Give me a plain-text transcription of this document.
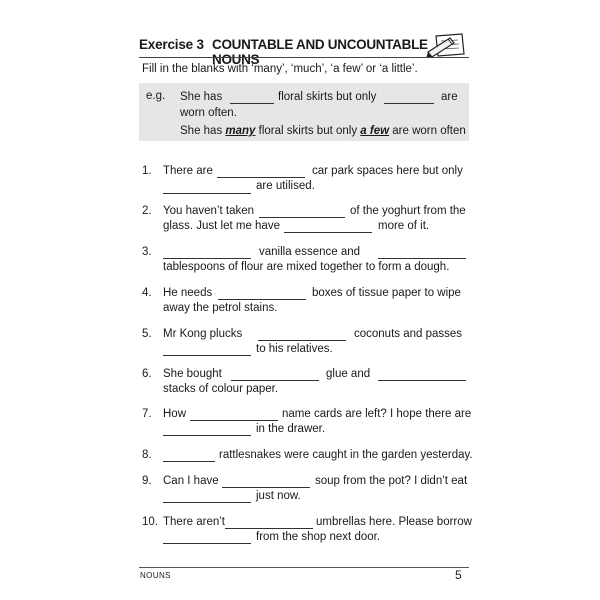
Exercise 3 COUNTABLE AND UNCOUNTABLE NOUNS
Fill in the blanks with ‘many’, ‘much’, ‘a few’ or ‘a little’.
e.g. She has	floral skirts but only	are
worn often.
She has many floral skirts but only a few are worn often
1. There are	car park spaces here but only
are utilised.
2. You haven’t taken	of the yoghurt from the
glass. Just let me have	more of it.
3.	vanilla essence and
tablespoons of flour are mixed together to form a dough.
4. He needs	boxes of tissue paper to wipe
away the petrol stains.
5. Mr Kong plucks	coconuts and passes
to his relatives.
6. She bought	glue and
stacks of colour paper.
7. How	name cards are left? I hope there are
in the drawer.
8.	rattlesnakes were caught in the garden yesterday.
9. Can I have	soup from the pot? I didn’t eat
just now.
10. There aren’t	umbrellas here. Please borrow
from the shop next door.
NOUNS	5
